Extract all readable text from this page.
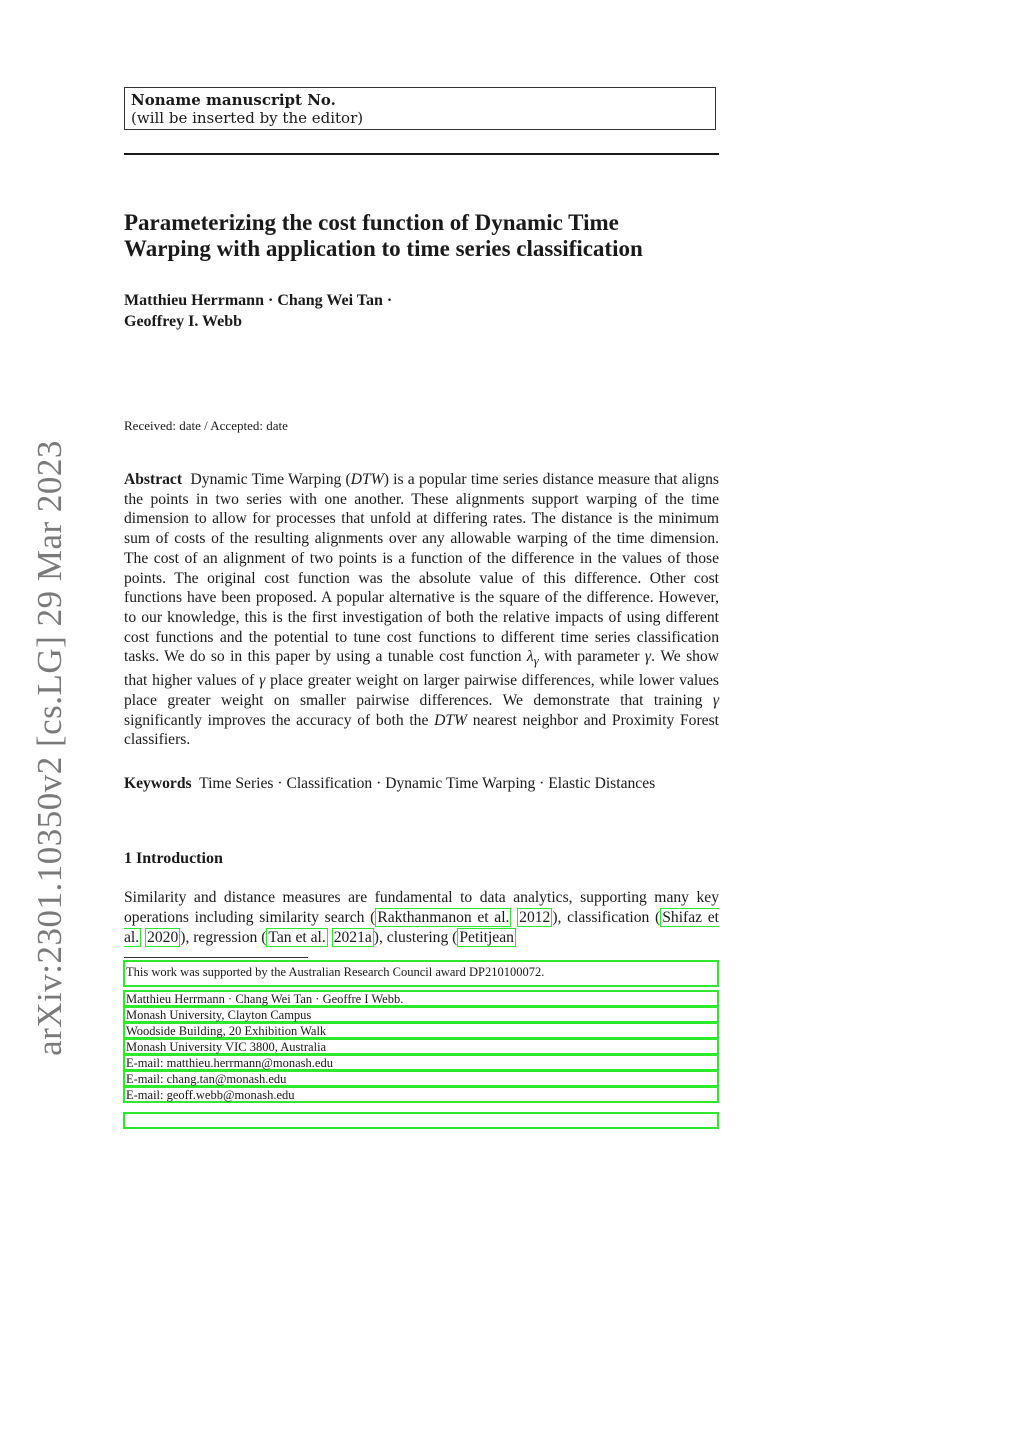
arXiv:2301.10350v2 [cs.LG] 29 Mar 2023
Noname manuscript No.
(will be inserted by the editor)
Parameterizing the cost function of Dynamic Time
Warping with application to time series classification
Matthieu Herrmann · Chang Wei Tan ·
Geoffrey I. Webb
Received: date / Accepted: date
Abstract Dynamic Time Warping (DTW) is a popular time series distance measure that aligns the points in two series with one another. These alignments support warping of the time dimension to allow for processes that unfold at differing rates. The distance is the minimum sum of costs of the resulting alignments over any allowable warping of the time dimension. The cost of an alignment of two points is a function of the difference in the values of those points. The original cost function was the absolute value of this difference. Other cost functions have been proposed. A popular alternative is the square of the difference. However, to our knowledge, this is the first investigation of both the relative impacts of using different cost functions and the potential to tune cost functions to different time series classification tasks. We do so in this paper by using a tunable cost function $\lambda_\gamma$ with parameter γ. We show that higher values of γ place greater weight on larger pairwise differences, while lower values place greater weight on smaller pairwise differences. We demonstrate that training γ significantly improves the accuracy of both the DTW nearest neighbor and Proximity Forest classifiers.
Keywords Time Series · Classification · Dynamic Time Warping · Elastic Distances
1 Introduction
Similarity and distance measures are fundamental to data analytics, supporting many key operations including similarity search ( Rakthanmanon et al. 2012 ), classification ( Shifaz et al. 2020 ), regression ( Tan et al. 2021a ), clustering ( Petitjean
This work was supported by the Australian Research Council award DP210100072.
Matthieu Herrmann · Chang Wei Tan · Geoffre I Webb.
Monash University, Clayton Campus
Woodside Building, 20 Exhibition Walk
Monash University VIC 3800, Australia
E-mail: matthieu.herrmann@monash.edu
E-mail: chang.tan@monash.edu
E-mail: geoff.webb@monash.edu
